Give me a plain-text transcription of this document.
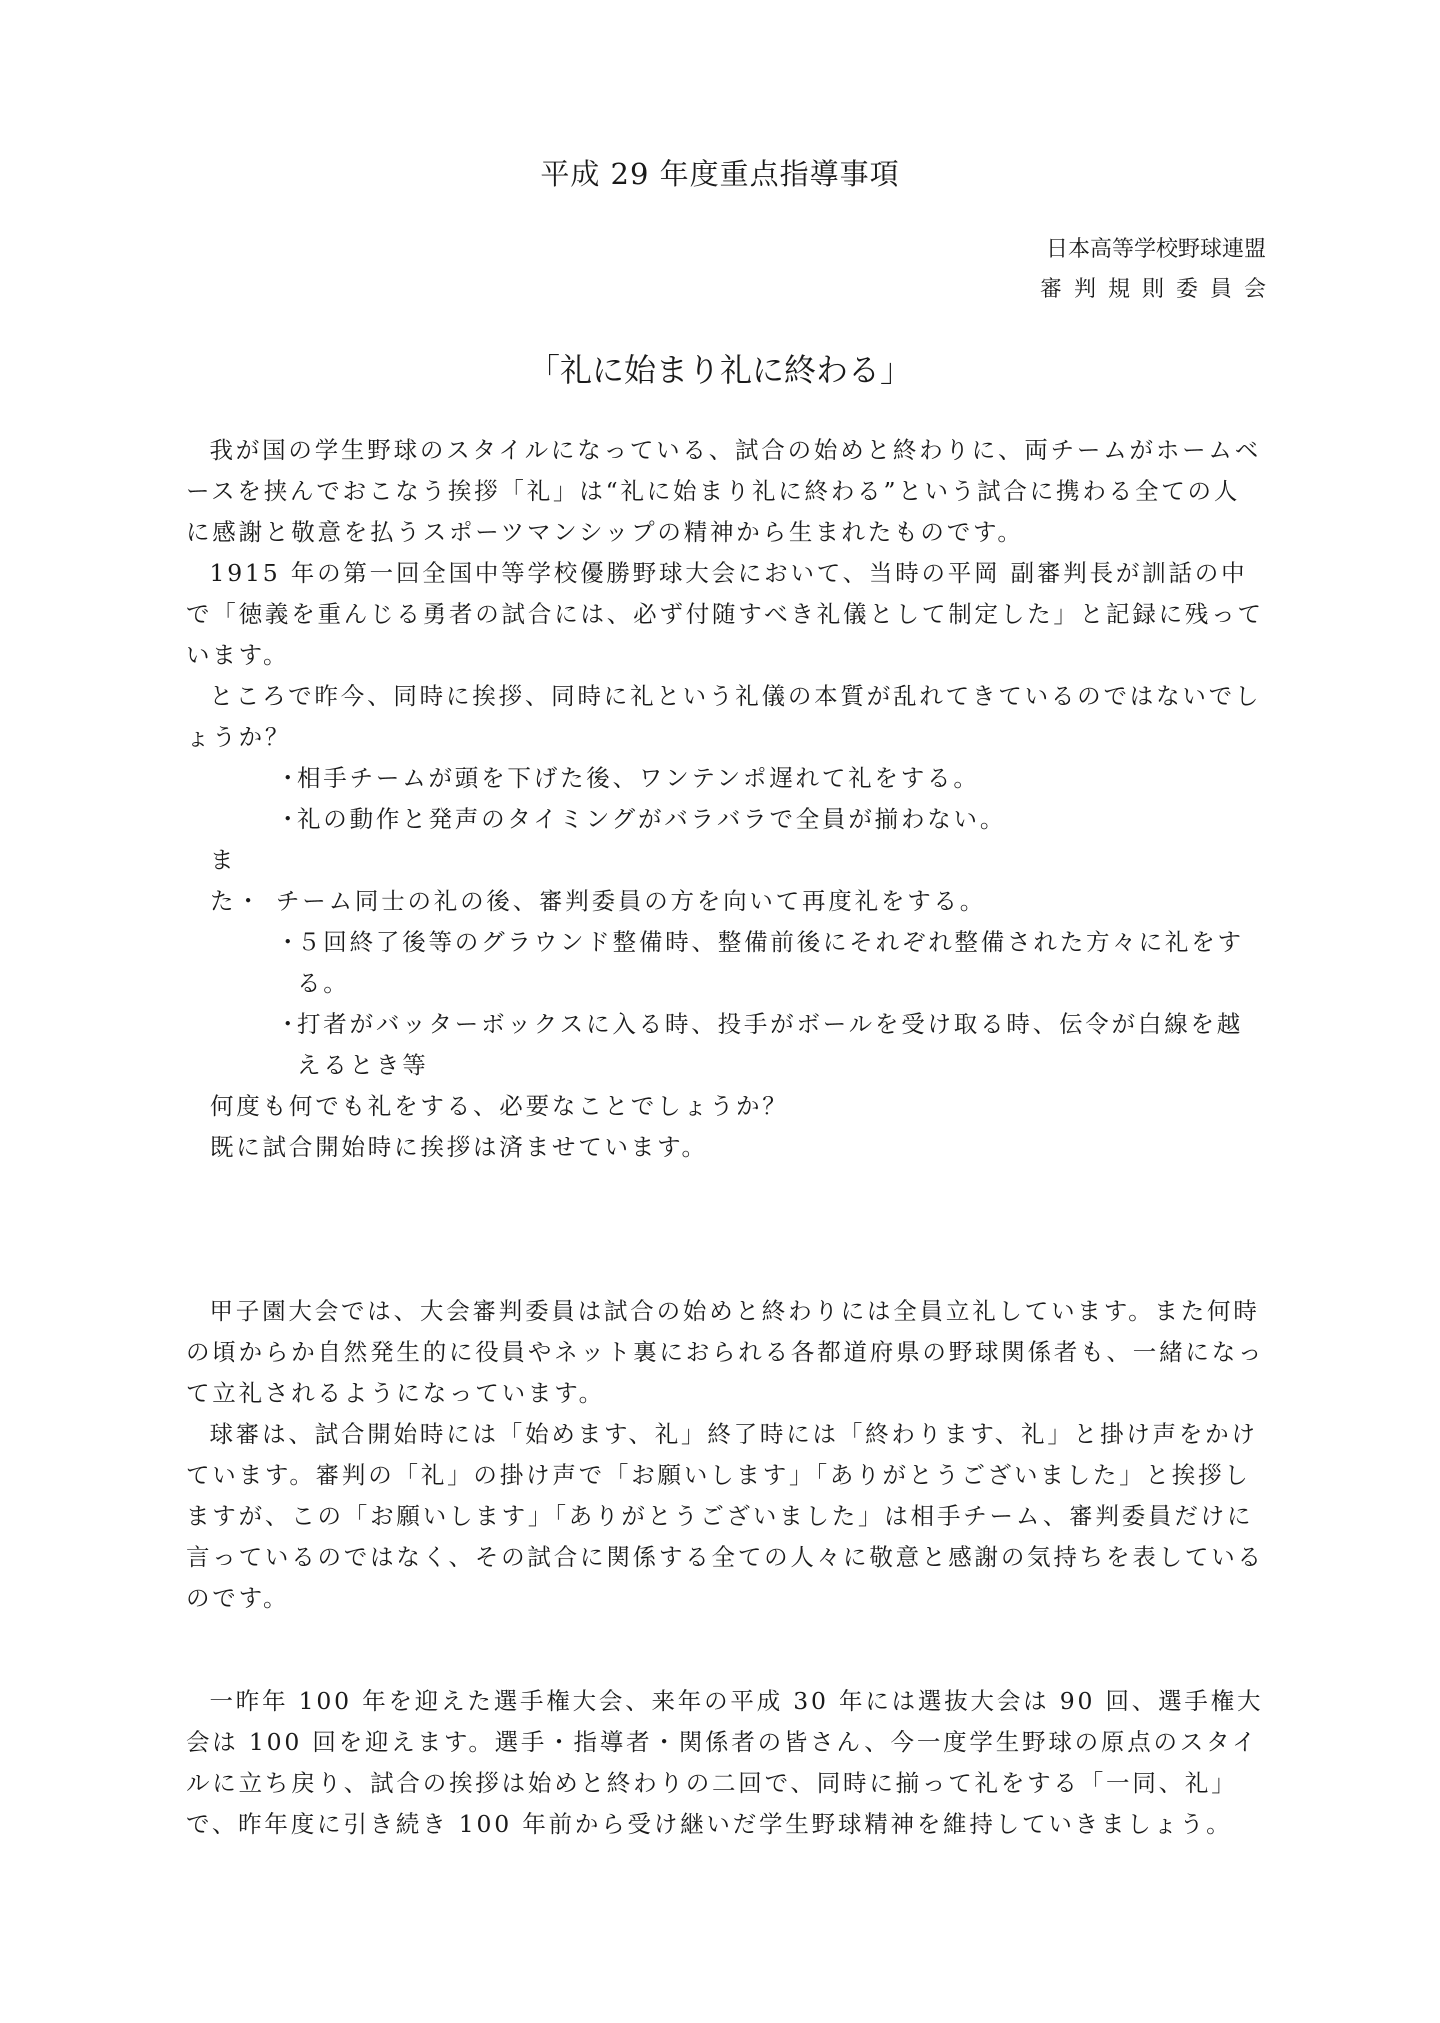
平成 29 年度重点指導事項
日本高等学校野球連盟
審判規則委員会
「礼に始まり礼に終わる」

我が国の学生野球のスタイルになっている、試合の始めと終わりに、両チームがホームベースを挟んでおこなう挨拶「礼」は“礼に始まり礼に終わる”という試合に携わる全ての人に感謝と敬意を払うスポーツマンシップの精神から生まれたものです。

1915 年の第一回全国中等学校優勝野球大会において、当時の平岡 副審判長が訓話の中で「徳義を重んじる勇者の試合には、必ず付随すべき礼儀として制定した」と記録に残っています。

ところで昨今、同時に挨拶、同時に礼という礼儀の本質が乱れてきているのではないでしょうか？

・
相手チームが頭を下げた後、ワンテンポ遅れて礼をする。
・
礼の動作と発声のタイミングがバラバラで全員が揃わない。
また・ チーム同士の礼の後、審判委員の方を向いて再度礼をする。
・
５回終了後等のグラウンド整備時、整備前後にそれぞれ整備された方々に礼をする。
・
打者がバッターボックスに入る時、投手がボールを受け取る時、伝令が白線を越えるとき等
何度も何でも礼をする、必要なことでしょうか？
既に試合開始時に挨拶は済ませています。

甲子園大会では、大会審判委員は試合の始めと終わりには全員立礼しています。また何時の頃からか自然発生的に役員やネット裏におられる各都道府県の野球関係者も、一緒になって立礼されるようになっています。

球審は、試合開始時には「始めます、礼」終了時には「終わります、礼」と掛け声をかけています。審判の「礼」の掛け声で「お願いします」「ありがとうございました」と挨拶しますが、この「お願いします」「ありがとうございました」は相手チーム、審判委員だけに言っているのではなく、その試合に関係する全ての人々に敬意と感謝の気持ちを表しているのです。

一昨年 100 年を迎えた選手権大会、来年の平成 30 年には選抜大会は 90 回、選手権大会は 100 回を迎えます。選手・指導者・関係者の皆さん、今一度学生野球の原点のスタイルに立ち戻り、試合の挨拶は始めと終わりの二回で、同時に揃って礼をする「一同、礼」で、昨年度に引き続き 100 年前から受け継いだ学生野球精神を維持していきましょう。
